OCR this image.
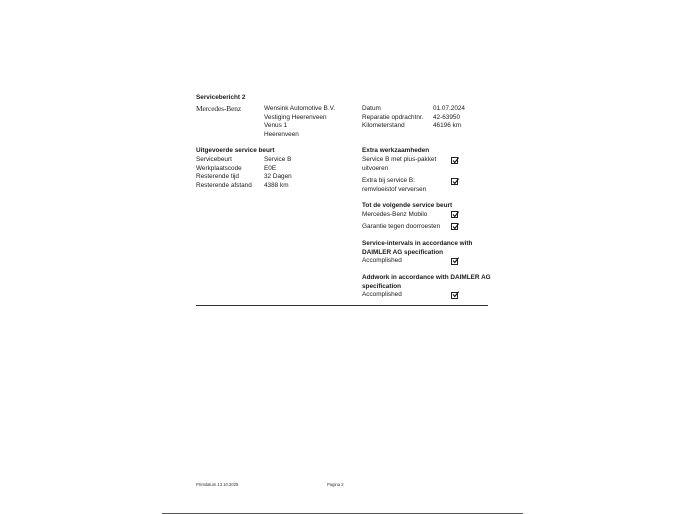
Servicebericht 2
Mercedes-Benz	Wensink Automotive B.V.
Vestiging Heerenveen
Venus 1
Heerenveen
Datum	01.07.2024
Reparatie opdrachtnr. 42-63950
Kilometerstand	46196 km
Uitgevoerde service beurt
Servicebeurt	Service B
Werkplaatscode	E0E
Resterende tijd	32 Dagen
Resterende afstand 4388 km
Extra werkzaamheden
Service B met plus-pakket
uitvoeren
Extra bij service B:
remvloeistof verversen
Tot de volgende service beurt
Mercedes-Benz Mobilo
Garantie tegen doorroesten
Service-intervals in accordance with
DAIMLER AG specification
Accomplished
Addwork in accordance with DAIMLER AG
specification
Accomplished
Printdatum 13.10.2025	Pagina 2
